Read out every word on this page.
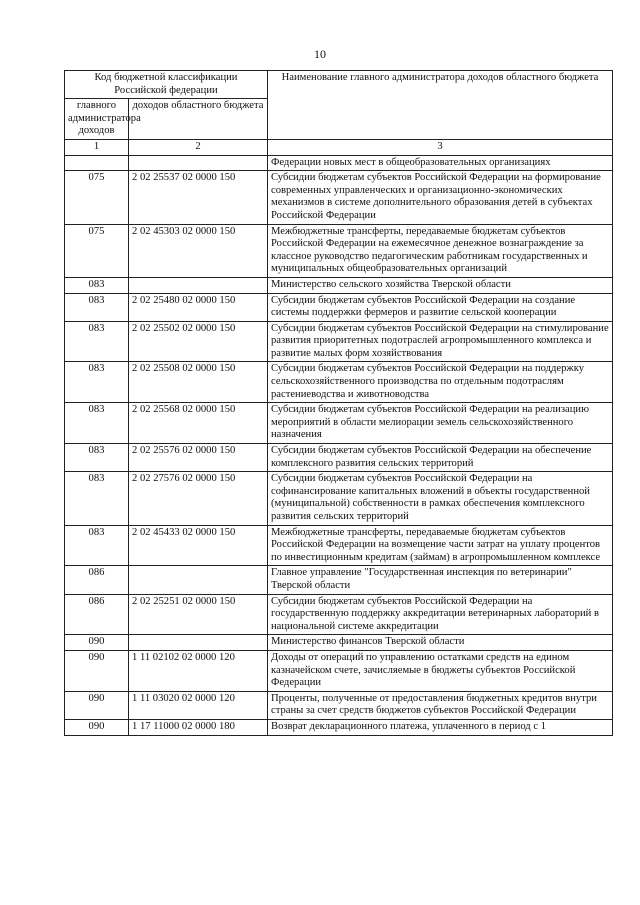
10
Код бюджетной классификации Российской федерации		Наименование главного администратора доходов областного бюджета
главного администратора доходов	доходов областного бюджета	
1	2	3
		Федерации новых мест в общеобразовательных организациях
075	2 02 25537 02 0000 150	Субсидии бюджетам субъектов Российской Федерации на формирование современных управленческих и организационно-экономических механизмов в системе дополнительного образования детей в субъектах Российской Федерации
075	2 02 45303 02 0000 150	Межбюджетные трансферты, передаваемые бюджетам субъектов Российской Федерации на ежемесячное денежное вознаграждение за классное руководство педагогическим работникам государственных и муниципальных общеобразовательных организаций
083		Министерство сельского хозяйства Тверской области
083	2 02 25480 02 0000 150	Субсидии бюджетам субъектов Российской Федерации на создание системы поддержки фермеров и развитие сельской кооперации
083	2 02 25502 02 0000 150	Субсидии бюджетам субъектов Российской Федерации на стимулирование развития приоритетных подотраслей агропромышленного комплекса и развитие малых форм хозяйствования
083	2 02 25508 02 0000 150	Субсидии бюджетам субъектов Российской Федерации на поддержку сельскохозяйственного производства по отдельным подотраслям растениеводства и животноводства
083	2 02 25568 02 0000 150	Субсидии бюджетам субъектов Российской Федерации на реализацию мероприятий в области мелиорации земель сельскохозяйственного назначения
083	2 02 25576 02 0000 150	Субсидии бюджетам субъектов Российской Федерации на обеспечение комплексного развития сельских территорий
083	2 02 27576 02 0000 150	Субсидии бюджетам субъектов Российской Федерации на софинансирование капитальных вложений в объекты государственной (муниципальной) собственности в рамках обеспечения комплексного развития сельских территорий
083	2 02 45433 02 0000 150	Межбюджетные трансферты, передаваемые бюджетам субъектов Российской Федерации на возмещение части затрат на уплату процентов по инвестиционным кредитам (займам) в агропромышленном комплексе
086		Главное управление "Государственная инспекция по ветеринарии" Тверской области
086	2 02 25251 02 0000 150	Субсидии бюджетам субъектов Российской Федерации на государственную поддержку аккредитации ветеринарных лабораторий в национальной системе аккредитации
090		Министерство финансов Тверской области
090	1 11 02102 02 0000 120	Доходы от операций по управлению остатками средств на едином казначейском счете, зачисляемые в бюджеты субъектов Российской Федерации
090	1 11 03020 02 0000 120	Проценты, полученные от предоставления бюджетных кредитов внутри страны за счет средств бюджетов субъектов Российской Федерации
090	1 17 11000 02 0000 180	Возврат декларационного платежа, уплаченного в период с 1
